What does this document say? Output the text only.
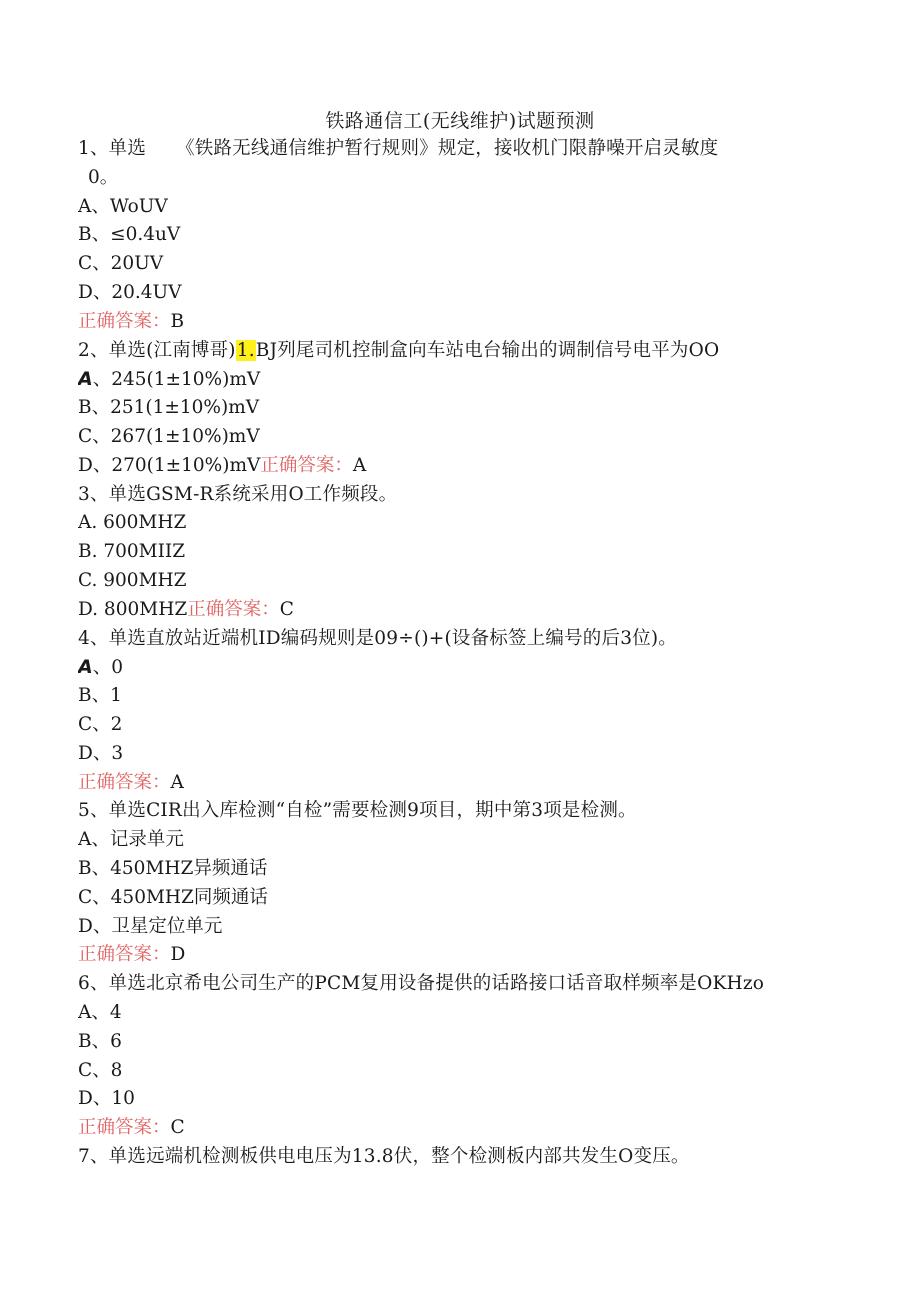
铁路通信工(无线维护)试题预测
1、单选 《铁路无线通信维护暂行规则》规定，接收机门限静噪开启灵敏度
0。
A、WoUV
B、≤0.4uV
C、20UV
D、20.4UV
正确答案：B
2、单选(江南博哥)1.BJ列尾司机控制盒向车站电台输出的调制信号电平为OO
A、245(1±10%)mV
B、251(1±10%)mV
C、267(1±10%)mV
D、270(1±10%)mV正确答案：A
3、单选GSM-R系统采用O工作频段。
A. 600MHZ
B. 700MIIZ
C. 900MHZ
D. 800MHZ正确答案：C
4、单选直放站近端机ID编码规则是09÷()+(设备标签上编号的后3位)。
A、0
B、1
C、2
D、3
正确答案：A
5、单选CIR出入库检测“自检”需要检测9项目，期中第3项是检测。
A、记录单元
B、450MHZ异频通话
C、450MHZ同频通话
D、卫星定位单元
正确答案：D
6、单选北京希电公司生产的PCM复用设备提供的话路接口话音取样频率是OKHzo
A、4
B、6
C、8
D、10
正确答案：C
7、单选远端机检测板供电电压为13.8伏，整个检测板内部共发生O变压。
